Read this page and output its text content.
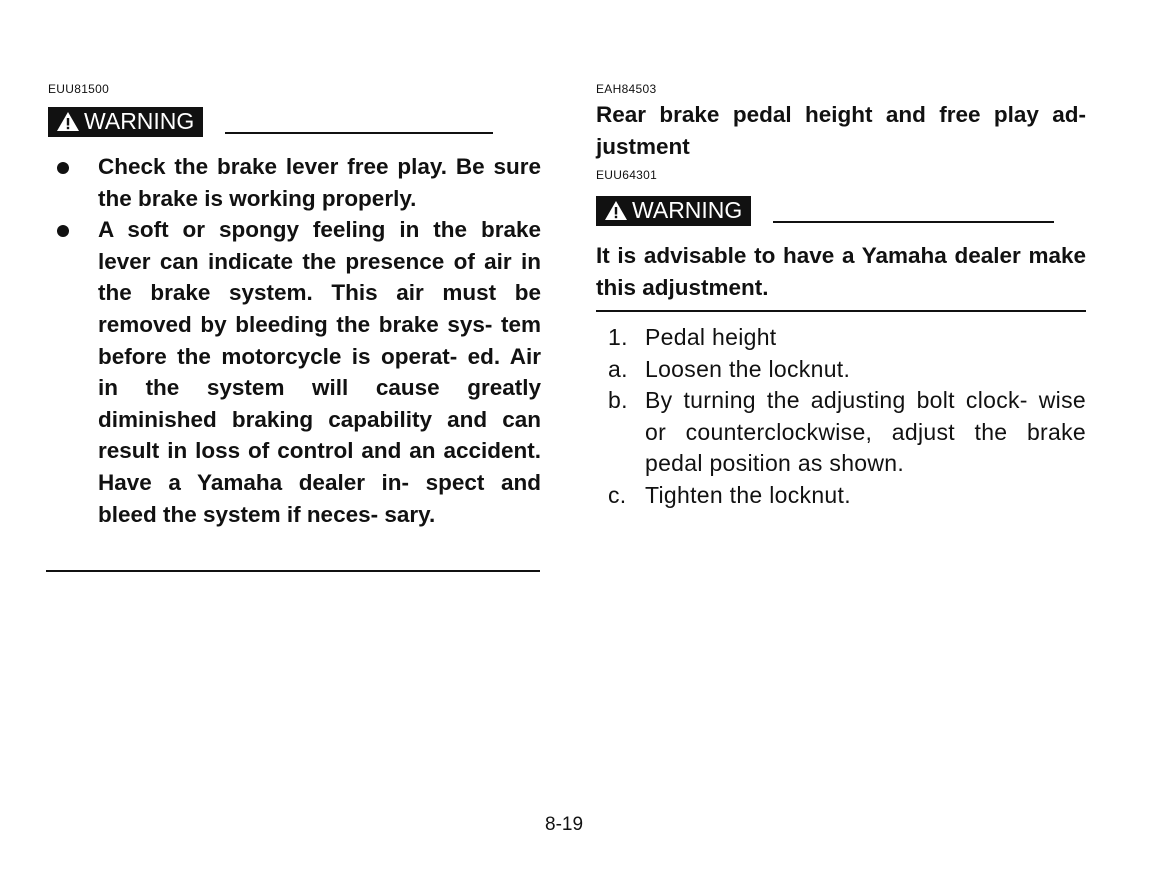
EUU81500
WARNING
Check the brake lever free play. Be sure the brake is working properly.
A soft or spongy feeling in the brake lever can indicate the presence of air in the brake system. This air must be removed by bleeding the brake sys- tem before the motorcycle is operat- ed. Air in the system will cause greatly diminished braking capability and can result in loss of control and an accident. Have a Yamaha dealer in- spect and bleed the system if neces- sary.
EAH84503
Rear brake pedal height and free play ad- justment
EUU64301
WARNING
It is advisable to have a Yamaha dealer make this adjustment.
1. Pedal height
a. Loosen the locknut.
b. By turning the adjusting bolt clock- wise or counterclockwise, adjust the brake pedal position as shown.
c. Tighten the locknut.
8-19
